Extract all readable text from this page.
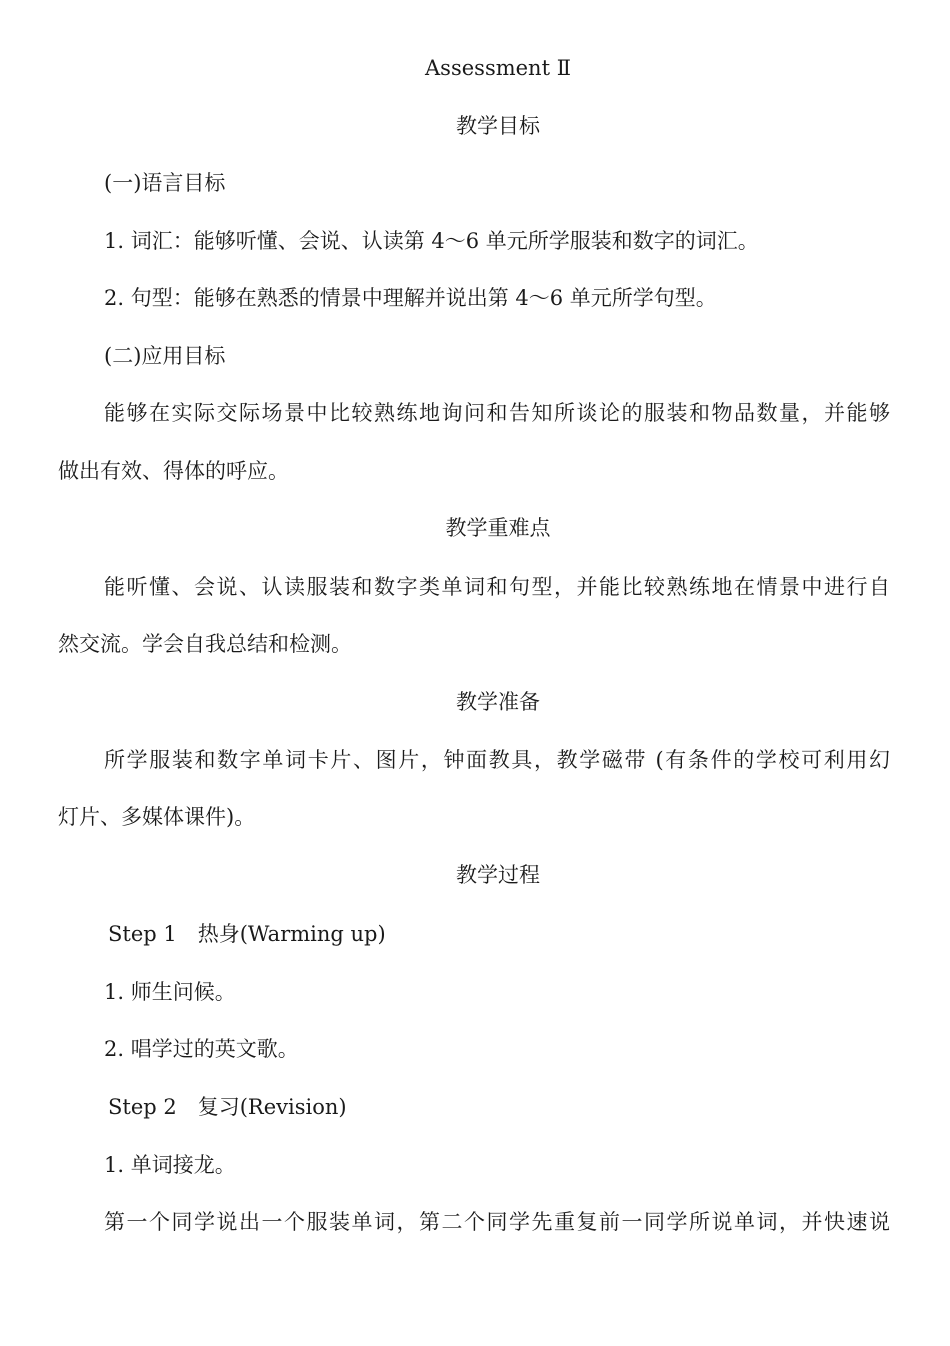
Assessment Ⅱ
教学目标
(一)语言目标
1. 词汇：能够听懂、会说、认读第 4～6 单元所学服装和数字的词汇。
2. 句型：能够在熟悉的情景中理解并说出第 4～6 单元所学句型。
(二)应用目标
能够在实际交际场景中比较熟练地询问和告知所谈论的服装和物品数量，并能够
做出有效、得体的呼应。
教学重难点
能听懂、会说、认读服装和数字类单词和句型，并能比较熟练地在情景中进行自
然交流。学会自我总结和检测。
教学准备
所学服装和数字单词卡片、图片，钟面教具，教学磁带 (有条件的学校可利用幻
灯片、多媒体课件)。
教学过程
Step 1　热身(Warming up)
1. 师生问候。
2. 唱学过的英文歌。
Step 2　复习(Revision)
1. 单词接龙。
第一个同学说出一个服装单词，第二个同学先重复前一同学所说单词，并快速说
